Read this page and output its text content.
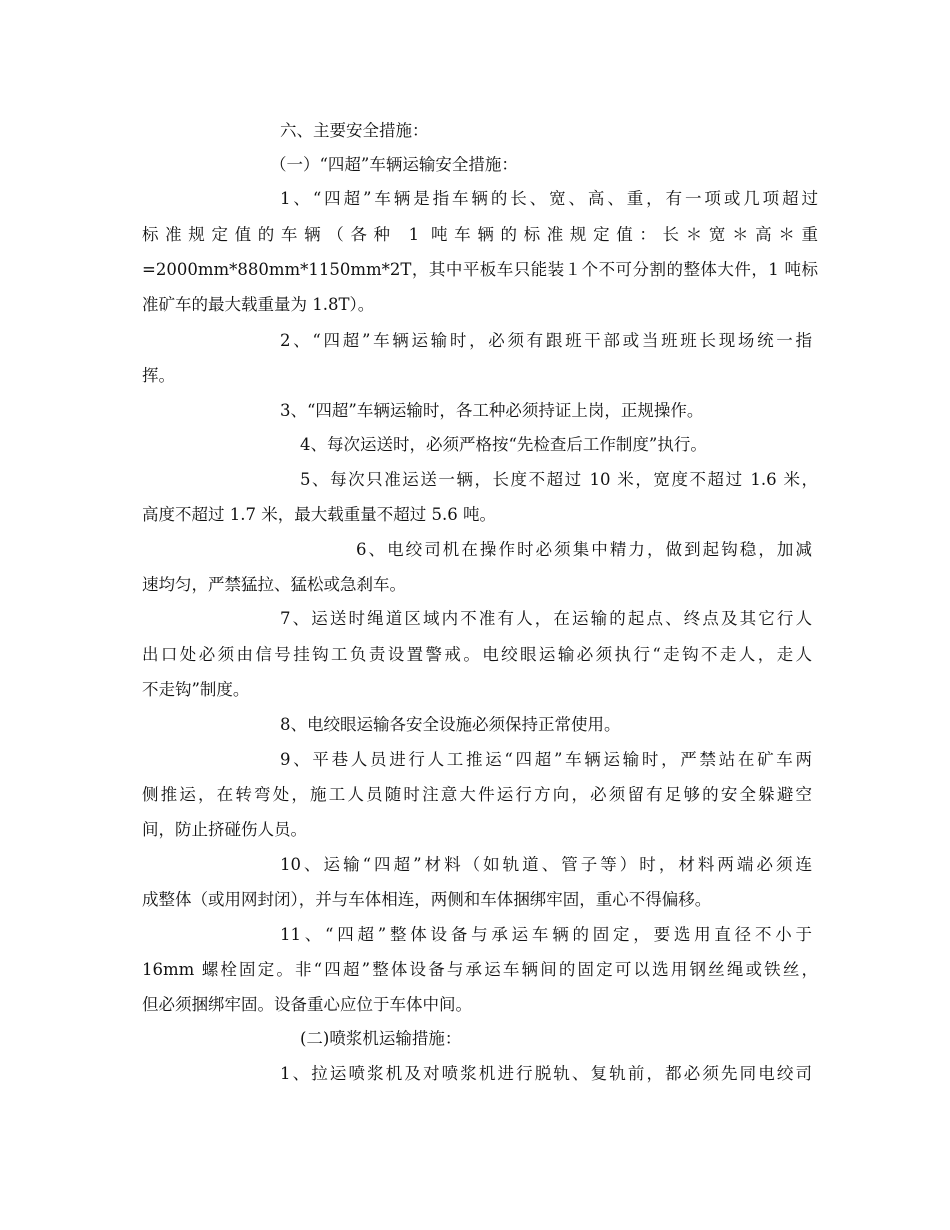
六、主要安全措施：
（一）“四超”车辆运输安全措施：
1、“四超”车辆是指车辆的长、宽、高、重，有一项或几项超过
标准规定值的车辆（各种 1 吨车辆的标准规定值：长＊宽＊高＊重
=2000mm*880mm*1150mm*2T，其中平板车只能装１个不可分割的整体大件，1 吨标
准矿车的最大载重量为 1.8T）。
2、“四超”车辆运输时，必须有跟班干部或当班班长现场统一指
挥。
3、“四超”车辆运输时，各工种必须持证上岗，正规操作。
4、每次运送时，必须严格按“先检查后工作制度”执行。
5、每次只准运送一辆，长度不超过 10 米，宽度不超过 1.6 米，
高度不超过 1.7 米，最大载重量不超过 5.6 吨。
6、电绞司机在操作时必须集中精力，做到起钩稳，加减
速均匀，严禁猛拉、猛松或急刹车。
7、运送时绳道区域内不准有人，在运输的起点、终点及其它行人
出口处必须由信号挂钩工负责设置警戒。电绞眼运输必须执行“走钩不走人，走人
不走钩”制度。
8、电绞眼运输各安全设施必须保持正常使用。
9、平巷人员进行人工推运“四超”车辆运输时，严禁站在矿车两
侧推运，在转弯处，施工人员随时注意大件运行方向，必须留有足够的安全躲避空
间，防止挤碰伤人员。
10、运输“四超”材料（如轨道、管子等）时，材料两端必须连
成整体（或用网封闭），并与车体相连，两侧和车体捆绑牢固，重心不得偏移。
11、“四超”整体设备与承运车辆的固定，要选用直径不小于
16mm 螺栓固定。非“四超”整体设备与承运车辆间的固定可以选用钢丝绳或铁丝，
但必须捆绑牢固。设备重心应位于车体中间。
(二)喷浆机运输措施：
1、拉运喷浆机及对喷浆机进行脱轨、复轨前，都必须先同电绞司
